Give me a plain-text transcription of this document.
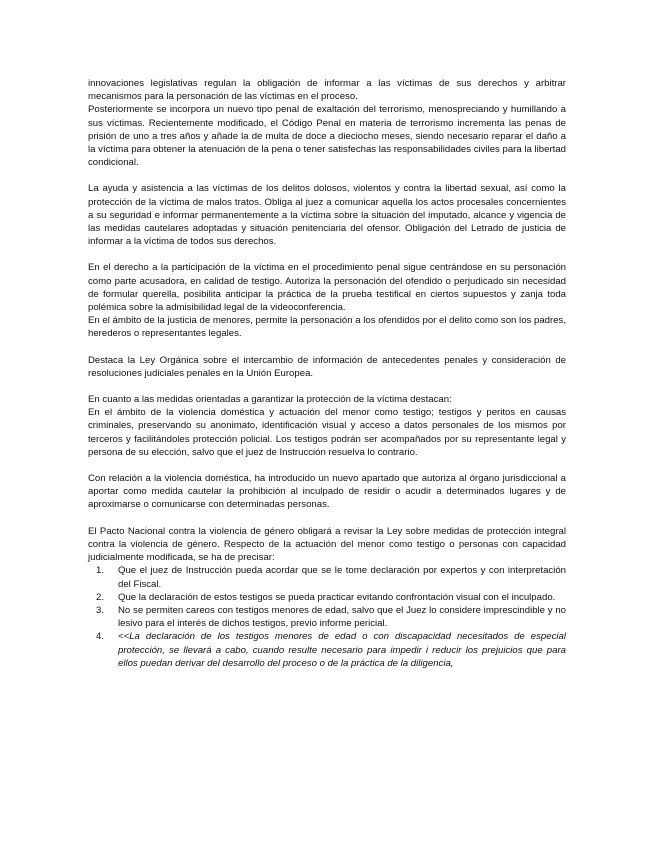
innovaciones legislativas regulan la obligación de informar a las víctimas de sus derechos y arbitrar mecanismos para la personación de las víctimas en el proceso.

Posteriormente se incorpora un nuevo tipo penal de exaltación del terrorismo, menospreciando y humillando a sus víctimas. Recientemente modificado, el Código Penal en materia de terrorismo incrementa las penas de prisión de uno a tres años y añade la de multa de doce a dieciocho meses, siendo necesario reparar el daño a la víctima para obtener la atenuación de la pena o tener satisfechas las responsabilidades civiles para la libertad condicional.

La ayuda y asistencia a las víctimas de los delitos dolosos, violentos y contra la libertad sexual, así como la protección de la víctima de malos tratos. Obliga al juez a comunicar aquella los actos procesales concernientes a su seguridad e informar permanentemente a la víctima sobre la situación del imputado, alcance y vigencia de las medidas cautelares adoptadas y situación penitenciaria del ofensor. Obligación del Letrado de justicia de informar a la víctima de todos sus derechos.

En el derecho a la participación de la víctima en el procedimiento penal sigue centrándose en su personación como parte acusadora, en calidad de testigo. Autoriza la personación del ofendido o perjudicado sin necesidad de formular querella, posibilita anticipar la práctica de la prueba testifical en ciertos supuestos y zanja toda polémica sobre la admisibilidad legal de la videoconferencia.

En el ámbito de la justicia de menores, permite la personación a los ofendidos por el delito como son los padres, herederos o representantes legales.

Destaca la Ley Orgánica sobre el intercambio de información de antecedentes penales y consideración de resoluciones judiciales penales en la Unión Europea.

En cuanto a las medidas orientadas a garantizar la protección de la víctima destacan:

En el ámbito de la violencia doméstica y actuación del menor como testigo; testigos y peritos en causas criminales, preservando su anonimato, identificación visual y acceso a datos personales de los mismos por terceros y facilitándoles protección policial. Los testigos podrán ser acompañados por su representante legal y persona de su elección, salvo que el juez de Instrucción resuelva lo contrario.

Con relación a la violencia doméstica, ha introducido un nuevo apartado que autoriza al órgano jurisdiccional a aportar como medida cautelar la prohibición al inculpado de residir o acudir a determinados lugares y de aproximarse o comunicarse con determinadas personas.

El Pacto Nacional contra la violencia de género obligará a revisar la Ley sobre medidas de protección integral contra la violencia de género. Respecto de la actuación del menor como testigo o personas con capacidad judicialmente modificada, se ha de precisar:

1. Que el juez de Instrucción pueda acordar que se le tome declaración por expertos y con interpretación del Fiscal.
2. Que la declaración de estos testigos se pueda practicar evitando confrontación visual con el inculpado.
3. No se permiten careos con testigos menores de edad, salvo que el Juez lo considere imprescindible y no lesivo para el interés de dichos testigos, previo informe pericial.
4. <<La declaración de los testigos menores de edad o con discapacidad necesitados de especial protección, se llevará a cabo, cuando resulte necesario para impedir i reducir los prejuicios que para ellos puedan derivar del desarrollo del proceso o de la práctica de la diligencia,
